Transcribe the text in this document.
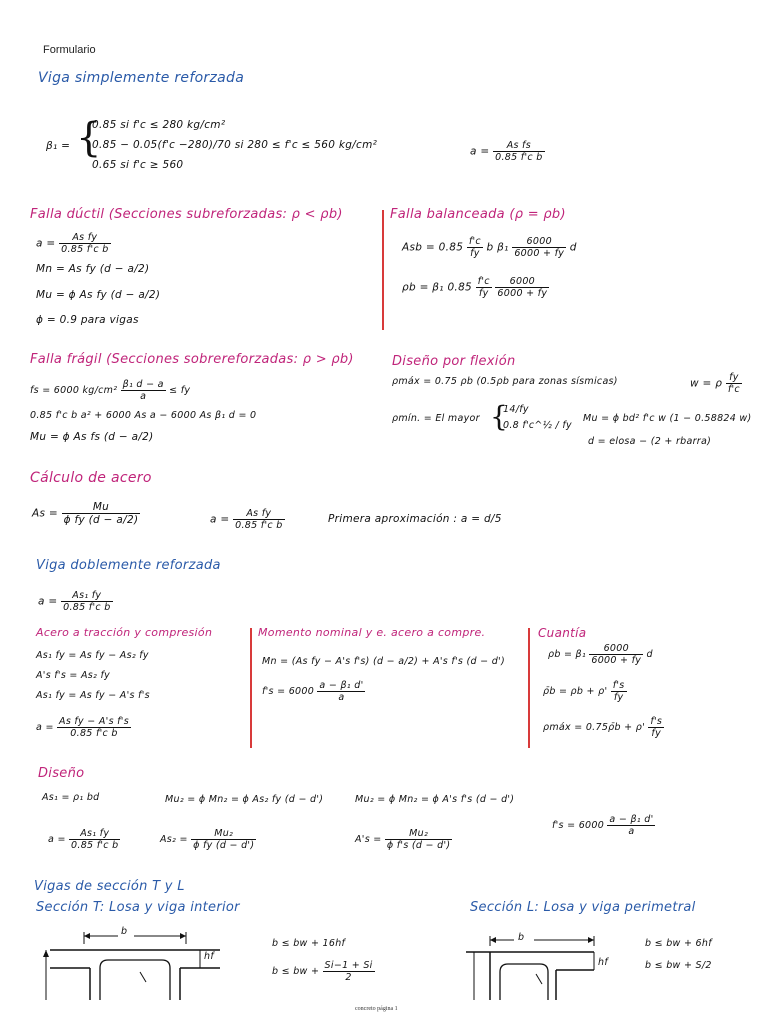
Formulario
Viga simplemente reforzada
β₁ = {
0.85 si f'c ≤ 280 kg/cm²
0.85 − 0.05(f'c −280)/70 si 280 ≤ f'c ≤ 560 kg/cm²
0.65 si f'c ≥ 560
$a = \frac{\text{As fs}}{\text{0.85 f'c b}}$
Falla dúctil (Secciones subreforzadas: ρ < ρb)
$a = \frac{\text{As fy}}{\text{0.85 f'c b}}$
Mn = As fy (d − a/2)
Mu = ϕ As fy (d − a/2)
ϕ = 0.9 para vigas
Falla balanceada (ρ = ρb)
Asb = $0.85 \frac{f'c}{fy}$ b $\beta_1 \frac{6000}{6000 + fy}$ d
ρb = β₁ $0.85 \frac{f'c}{fy}$
$\frac{6000}{6000 + fy}$
Falla frágil (Secciones sobrereforzadas: ρ > ρb)
fs = 6000 $kg/cm^2 \frac{\text{β₁ d − a}}{a}$ ≤ fy
0.85 f'c b a² + 6000 As a − 6000 As β₁ d = 0
Mu = ϕ As fs (d − a/2)
Diseño por flexión
ρmáx = 0.75 ρb (0.5ρb para zonas sísmicas)	w = ρ $\frac{fy}{f'c}$
ρmín. = El mayor {
14/fy
0.8 f'c^½ / fy
Mu = ϕ bd² f'c w (1 − 0.58824 w)
d = elosa − (2 + rbarra)
Cálculo de acero
$As = \frac{Mu}{\text{ϕ fy (d − a/2)}}$	$a = \frac{\text{As fy}}{\text{0.85 f'c b}}$	Primera aproximación : a = d/5
Viga doblemente reforzada
$a = \frac{\text{As₁ fy}}{\text{0.85 f'c b}}$
Acero a tracción y compresión
As₁ fy = As fy − As₂ fy
A's f's = As₂ fy
As₁ fy = As fy − A's f's
$a = \frac{\text{As fy − A's f's}}{\text{0.85 f'c b}}$
Momento nominal y e. acero a compre.
Mn = (As fy − A's f's) (d − a/2) + A's f's (d − d')
$f's = 6000 \frac{\text{a − β₁ d'}}{a}$
Cuantía
$\rho b = \beta_1 \frac{6000}{6000 + fy}$ d
ρ̄b = $\rho b + \rho' \frac{f's}{fy}$
ρmáx = 0.75ρ̄b + $\rho' \frac{f's}{fy}$
Diseño
As₁ = ρ₁ bd	Mu₂ = ϕ Mn₂ = ϕ As₂ fy (d − d')	Mu₂ = ϕ Mn₂ = ϕ A's f's (d − d')
$a = \frac{\text{As₁ fy}}{\text{0.85 f'c b}}$	$As_2 = \frac{\text{Mu₂}}{\text{ϕ fy (d − d')}}$	$A's = \frac{\text{Mu₂}}{\text{ϕ f's (d − d')}}$
$f's = 6000 \frac{\text{a − β₁ d'}}{a}$
Vigas de sección T y L
Sección T: Losa y viga interior	Sección L: Losa y viga perimetral
b
hf
b ≤ bw + 16hf
b ≤ bw + $\frac{Si-1 + Si}{2}$
b
hf
b ≤ bw + 6hf
b ≤ bw + S/2
concreto página 1
